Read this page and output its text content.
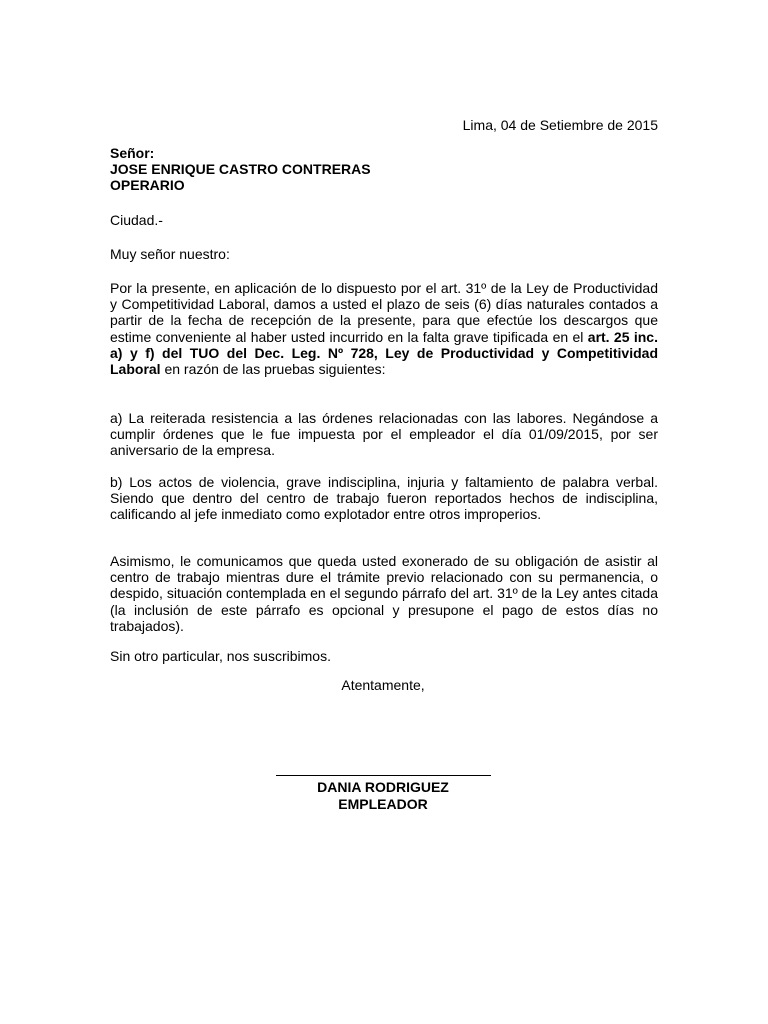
Lima, 04 de Setiembre de 2015
Señor:
JOSE ENRIQUE CASTRO CONTRERAS
OPERARIO
Ciudad.-
Muy señor nuestro:
Por la presente, en aplicación de lo dispuesto por el art. 31º de la Ley de Productividad y Competitividad Laboral, damos a usted el plazo de seis (6) días naturales contados a partir de la fecha de recepción de la presente, para que efectúe los descargos que estime conveniente al haber usted incurrido en la falta grave tipificada en el art. 25 inc. a) y f) del TUO del Dec. Leg. Nº 728, Ley de Productividad y Competitividad Laboral en razón de las pruebas siguientes:
a) La reiterada resistencia a las órdenes relacionadas con las labores. Negándose a cumplir órdenes que le fue impuesta por el empleador el día 01/09/2015, por ser aniversario de la empresa.
b) Los actos de violencia, grave indisciplina, injuria y faltamiento de palabra verbal. Siendo que dentro del centro de trabajo fueron reportados hechos de indisciplina, calificando al jefe inmediato como explotador entre otros improperios.
Asimismo, le comunicamos que queda usted exonerado de su obligación de asistir al centro de trabajo mientras dure el trámite previo relacionado con su permanencia, o despido, situación contemplada en el segundo párrafo del art. 31º de la Ley antes citada (la inclusión de este párrafo es opcional y presupone el pago de estos días no trabajados).
Sin otro particular, nos suscribimos.
Atentamente,
DANIA RODRIGUEZ
EMPLEADOR
